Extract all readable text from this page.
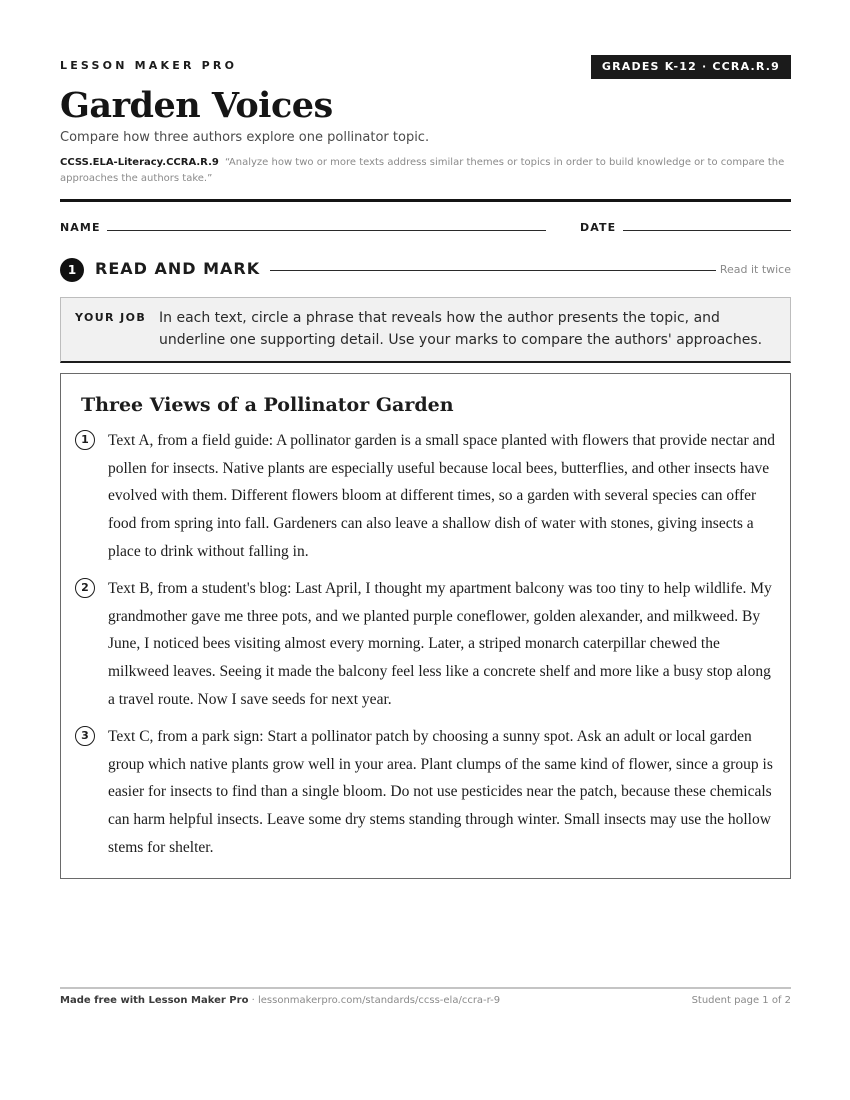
LESSON MAKER PRO	GRADES K-12 · CCRA.R.9
Garden Voices
Compare how three authors explore one pollinator topic.
CCSS.ELA-Literacy.CCRA.R.9 “Analyze how two or more texts address similar themes or topics in order to build knowledge or to compare the approaches the authors take.”
NAME	DATE
1	READ AND MARK	Read it twice
YOUR JOB In each text, circle a phrase that reveals how the author presents the topic, and underline one supporting detail. Use your marks to compare the authors' approaches.
Three Views of a Pollinator Garden
1	Text A, from a field guide: A pollinator garden is a small space planted with flowers that provide nectar and pollen for insects. Native plants are especially useful because local bees, butterflies, and other insects have evolved with them. Different flowers bloom at different times, so a garden with several species can offer food from spring into fall. Gardeners can also leave a shallow dish of water with stones, giving insects a place to drink without falling in.
2	Text B, from a student's blog: Last April, I thought my apartment balcony was too tiny to help wildlife. My grandmother gave me three pots, and we planted purple coneflower, golden alexander, and milkweed. By June, I noticed bees visiting almost every morning. Later, a striped monarch caterpillar chewed the milkweed leaves. Seeing it made the balcony feel less like a concrete shelf and more like a busy stop along a travel route. Now I save seeds for next year.
3	Text C, from a park sign: Start a pollinator patch by choosing a sunny spot. Ask an adult or local garden group which native plants grow well in your area. Plant clumps of the same kind of flower, since a group is easier for insects to find than a single bloom. Do not use pesticides near the patch, because these chemicals can harm helpful insects. Leave some dry stems standing through winter. Small insects may use the hollow stems for shelter.
Made free with Lesson Maker Pro · lessonmakerpro.com/standards/ccss-ela/ccra-r-9	Student page 1 of 2
